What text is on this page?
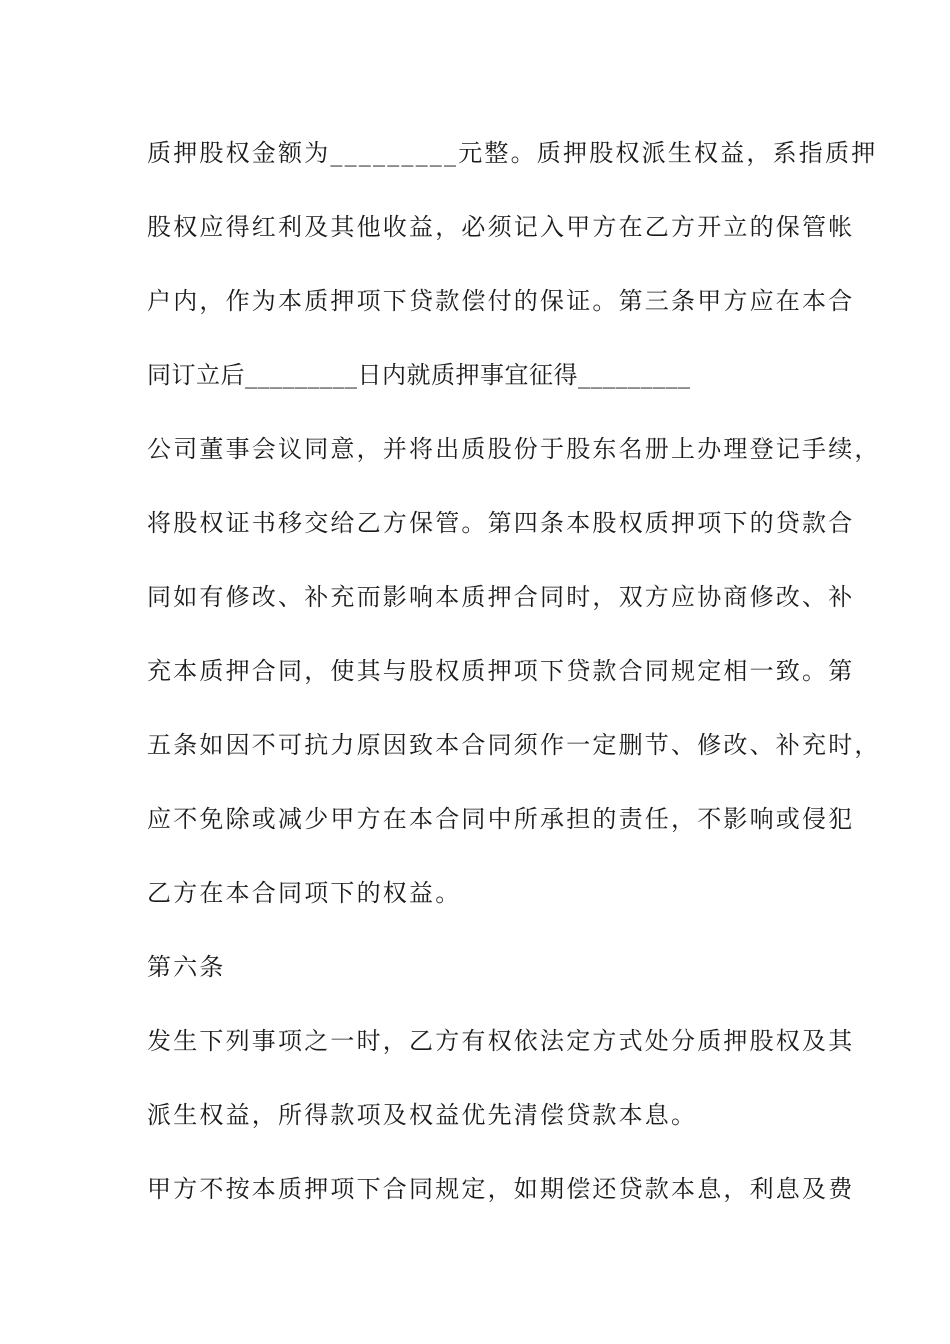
质押股权金额为_________元整。质押股权派生权益，系指质押
股权应得红利及其他收益，必须记入甲方在乙方开立的保管帐
户内，作为本质押项下贷款偿付的保证。第三条甲方应在本合
同订立后_________日内就质押事宜征得_________
公司董事会议同意，并将出质股份于股东名册上办理登记手续，
将股权证书移交给乙方保管。第四条本股权质押项下的贷款合
同如有修改、补充而影响本质押合同时，双方应协商修改、补
充本质押合同，使其与股权质押项下贷款合同规定相一致。第
五条如因不可抗力原因致本合同须作一定删节、修改、补充时，
应不免除或减少甲方在本合同中所承担的责任，不影响或侵犯
乙方在本合同项下的权益。
第六条
发生下列事项之一时，乙方有权依法定方式处分质押股权及其
派生权益，所得款项及权益优先清偿贷款本息。
甲方不按本质押项下合同规定，如期偿还贷款本息，利息及费
